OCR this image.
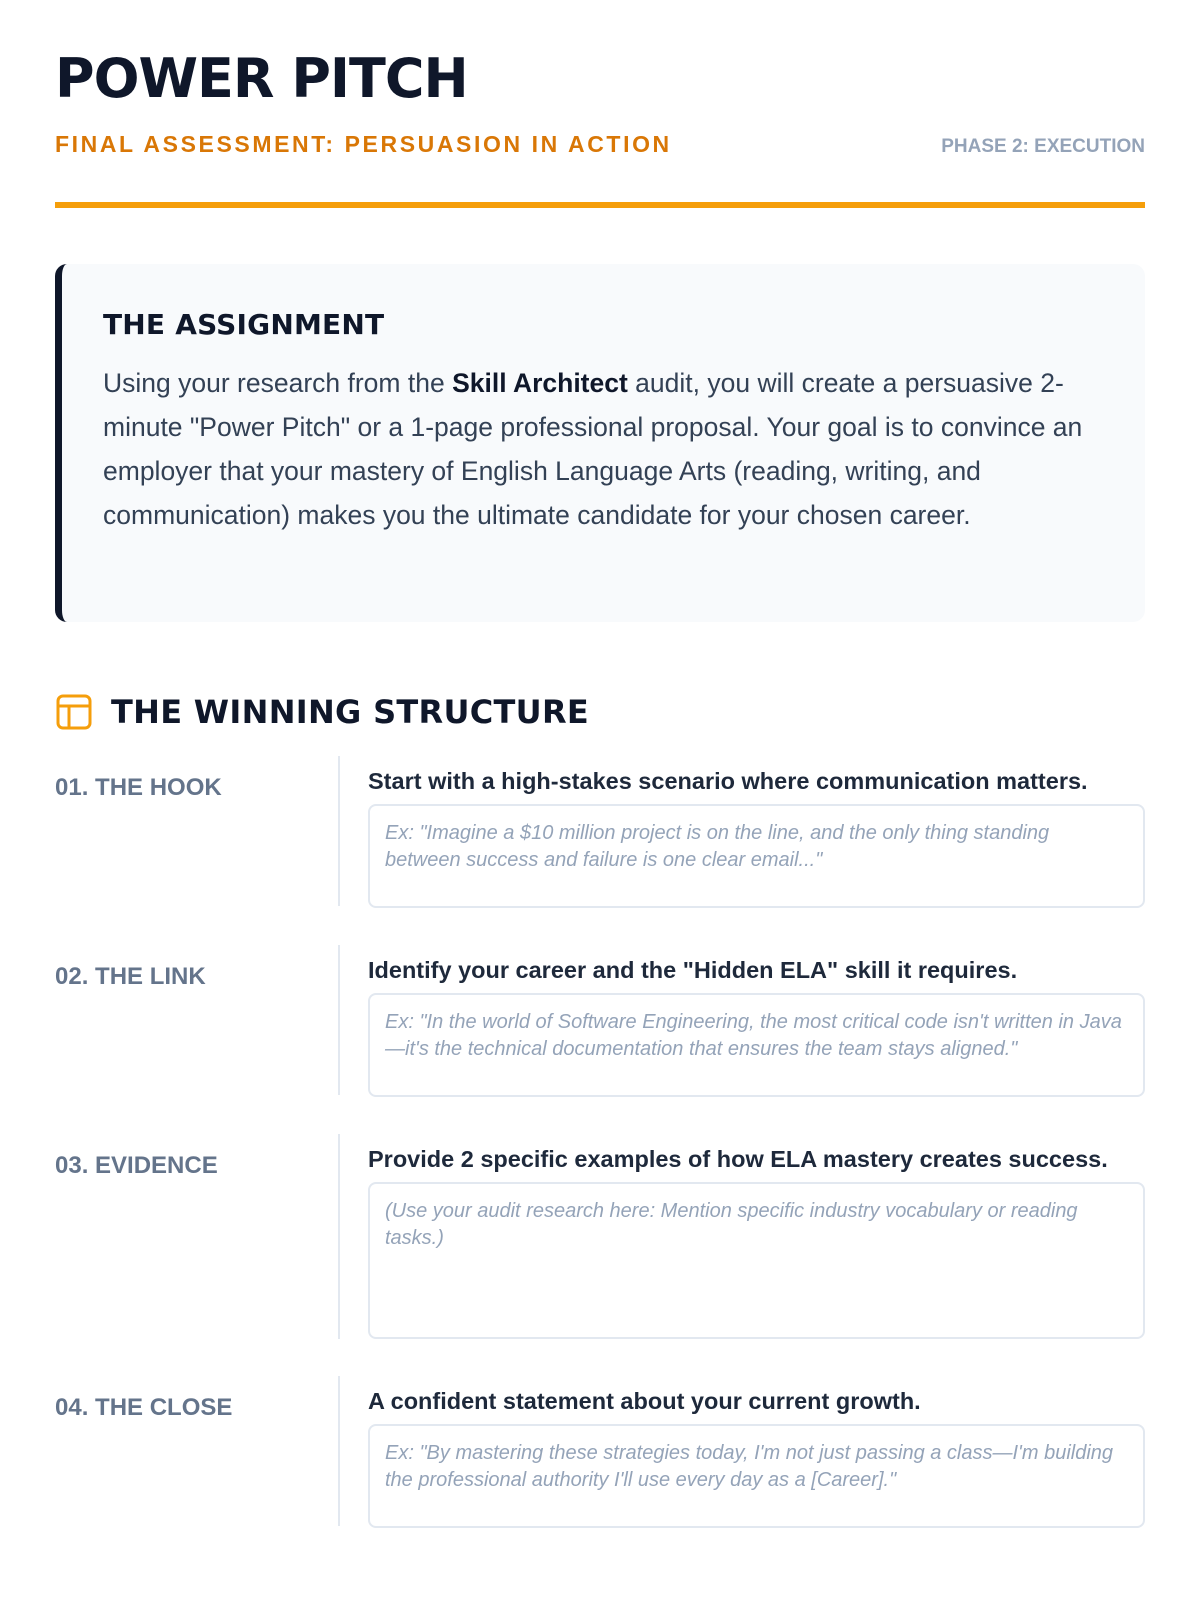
POWER PITCH
FINAL ASSESSMENT: PERSUASION IN ACTION	PHASE 2: EXECUTION
THE ASSIGNMENT

Using your research from the Skill Architect audit, you will create a persuasive 2-minute "Power Pitch" or a 1-page professional proposal. Your goal is to convince an employer that your mastery of English Language Arts (reading, writing, and communication) makes you the ultimate candidate for your chosen career.

THE WINNING STRUCTURE
01. THE HOOK	Start with a high-stakes scenario where communication matters.
Ex: "Imagine a $10 million project is on the line, and the only thing standing between success and failure is one clear email..."
02. THE LINK	Identify your career and the "Hidden ELA" skill it requires.
Ex: "In the world of Software Engineering, the most critical code isn't written in Java—it's the technical documentation that ensures the team stays aligned."
03. EVIDENCE	Provide 2 specific examples of how ELA mastery creates success.
(Use your audit research here: Mention specific industry vocabulary or reading tasks.)
04. THE CLOSE	A confident statement about your current growth.
Ex: "By mastering these strategies today, I'm not just passing a class—I'm building the professional authority I'll use every day as a [Career]."
